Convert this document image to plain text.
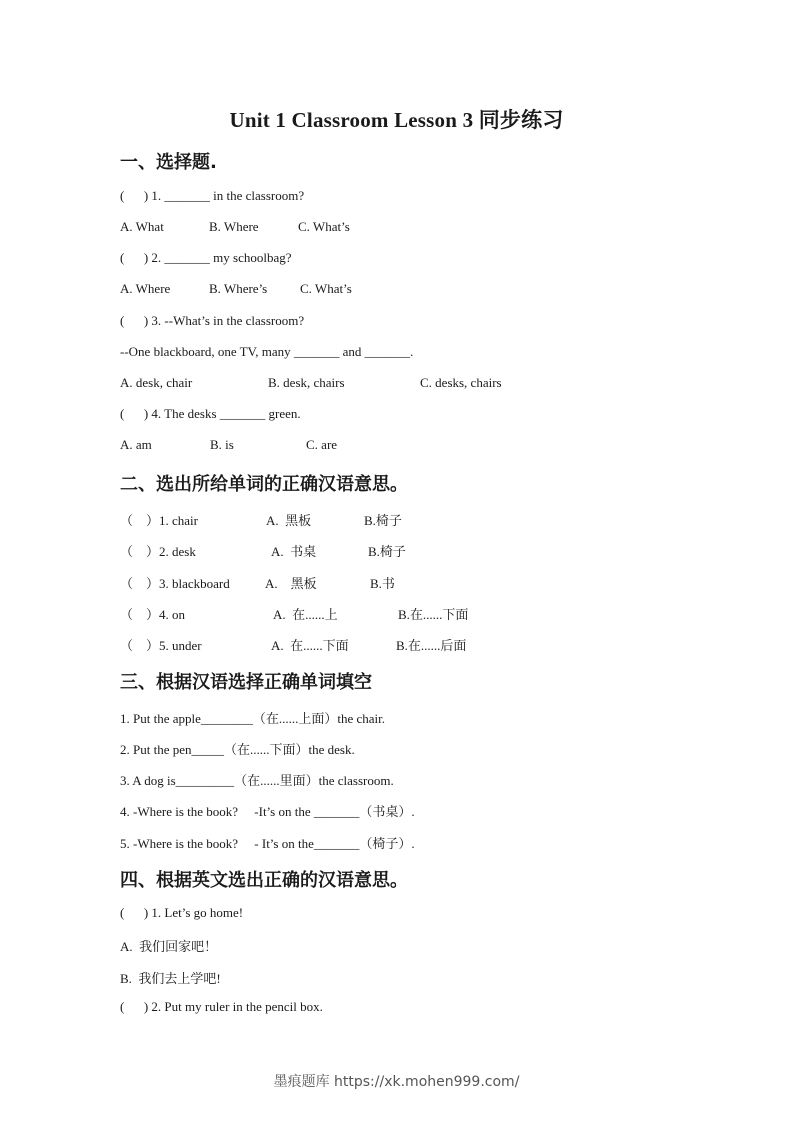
Unit 1 Classroom Lesson 3 同步练习
一、选择题.
(      ) 1. _______ in the classroom?
A. What	B. Where	C. What’s
(      ) 2. _______ my schoolbag?
A. Where	B. Where’s	C. What’s
(      ) 3. --What’s in the classroom?
--One blackboard, one TV, many _______ and _______.
A. desk, chair	B. desk, chairs	C. desks, chairs
(      ) 4. The desks _______ green.
A. am	B. is	C. are
二、选出所给单词的正确汉语意思。
（    ）1. chair	A.  黑板	B.椅子
（    ）2. desk	A.  书桌	B.椅子
（    ）3. blackboard	A.    黑板	B.书
（    ）4. on	A.  在......上	B.在......下面
（    ）5. under	A.  在......下面	B.在......后面
三、根据汉语选择正确单词填空
1. Put the apple________（在......上面）the chair.
2. Put the pen_____（在......下面）the desk.
3. A dog is_________（在......里面）the classroom.
4. -Where is the book?     -It’s on the _______（书桌）.
5. -Where is the book?     - It’s on the_______（椅子）.
四、根据英文选出正确的汉语意思。
(      ) 1. Let’s go home!
A.  我们回家吧！
B.  我们去上学吧!
(      ) 2. Put my ruler in the pencil box.
墨痕题库 https://xk.mohen999.com/
